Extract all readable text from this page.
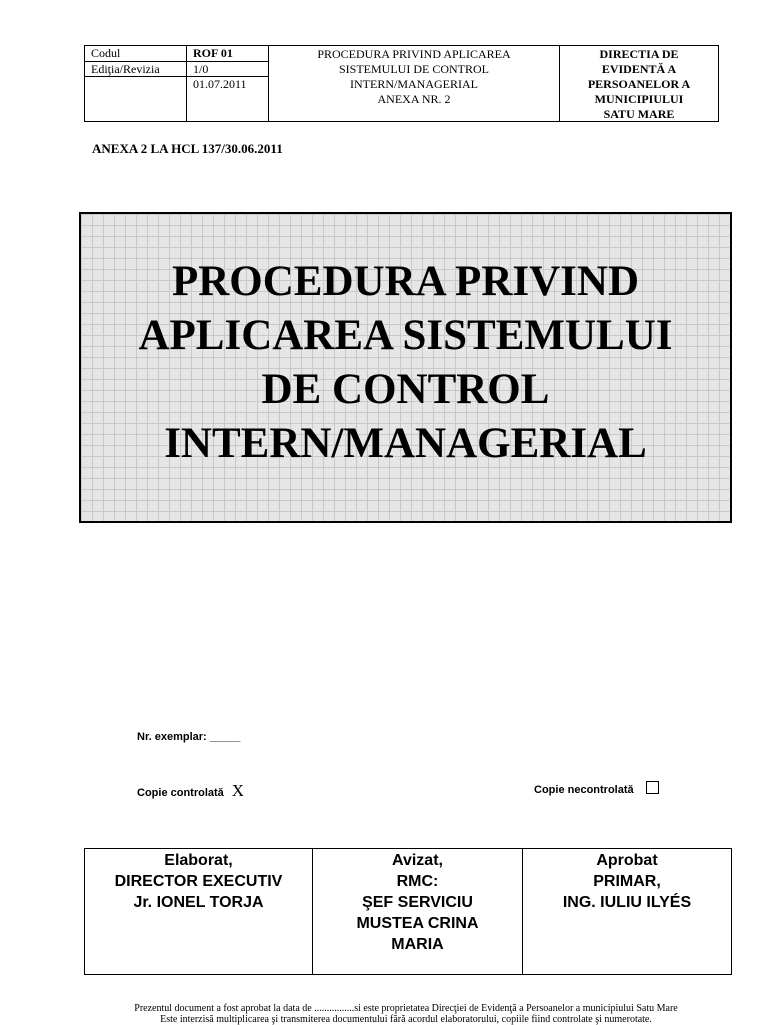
Codul
Ediţia/Revizia
ROF 01
1/0
01.07.2011
PROCEDURA PRIVIND APLICAREA
SISTEMULUI DE CONTROL
INTERN/MANAGERIAL
ANEXA NR. 2
DIRECTIA DE
EVIDENTĂ A
PERSOANELOR A
MUNICIPIULUI
SATU MARE
ANEXA 2 LA HCL 137/30.06.2011
PROCEDURA PRIVIND
APLICAREA SISTEMULUI
DE CONTROL
INTERN/MANAGERIAL
Nr. exemplar: _____
Copie controlată X	Copie necontrolată
Elaborat,
DIRECTOR EXECUTIV
Jr. IONEL TORJA
Avizat,
RMC:
ŞEF SERVICIU
MUSTEA CRINA
MARIA
Aprobat
PRIMAR,
ING. IULIU ILYÉS
Prezentul document a fost aprobat la data de ................si este proprietatea Direcţiei de Evidenţă a Persoanelor a municipiului Satu Mare
Este interzisă multiplicarea şi transmiterea documentului fără acordul elaboratorului, copiile fiind controlate şi numerotate.
